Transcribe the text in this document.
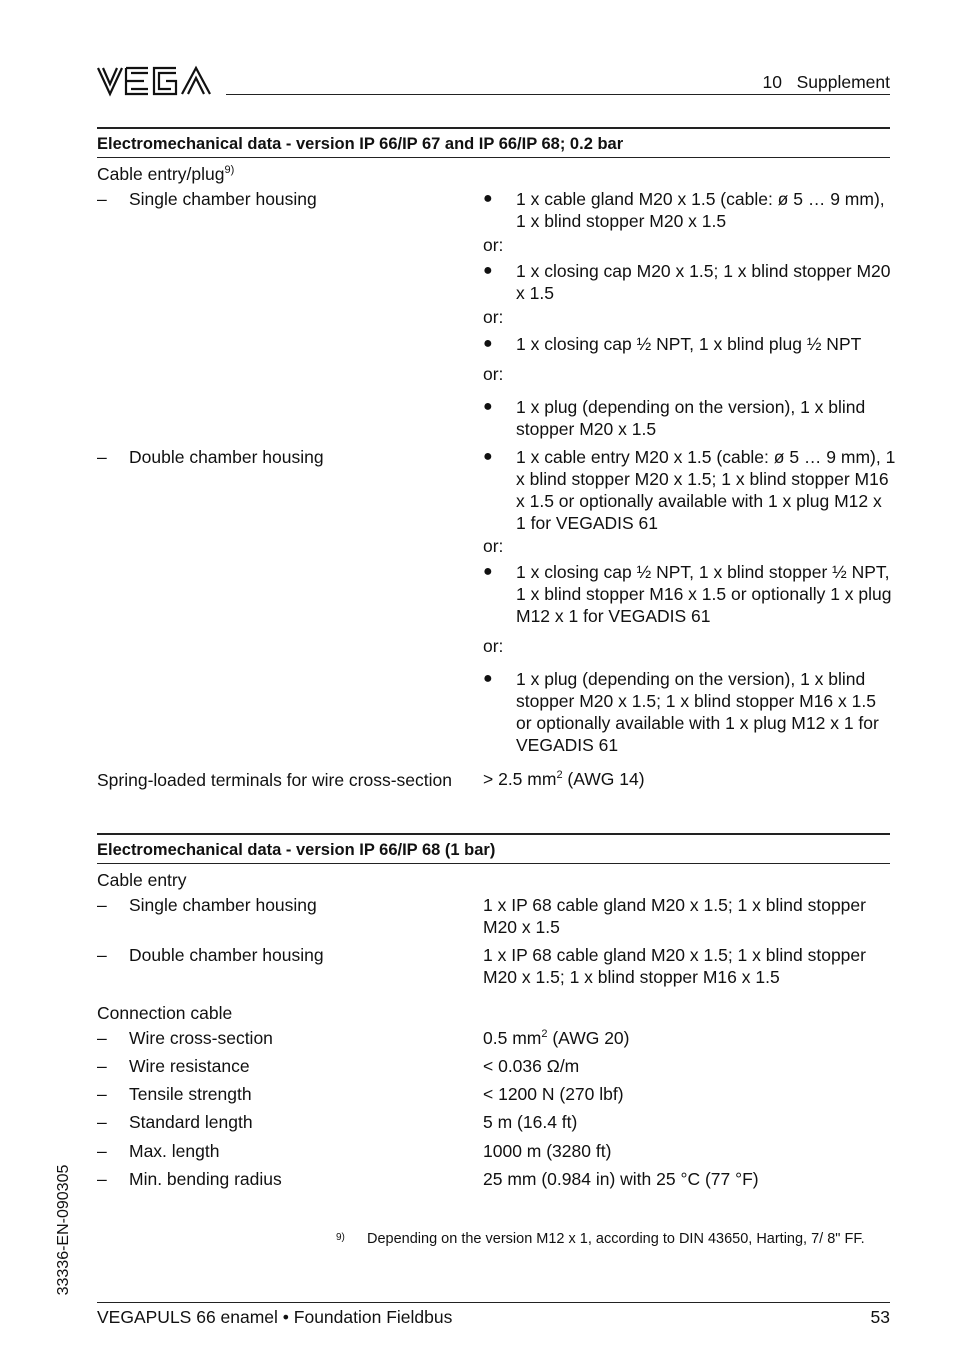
10   Supplement
Electromechanical data - version IP 66/IP 67 and IP 66/IP 68; 0.2 bar
Cable entry/plug$^{9)}$
– Single chamber housing	● 1 x cable gland M20 x 1.5 (cable: ø 5 … 9 mm), 1 x blind stopper M20 x 1.5
or:
● 1 x closing cap M20 x 1.5; 1 x blind stopper M20 x 1.5
or:
● 1 x closing cap ½ NPT, 1 x blind plug ½ NPT
or:
● 1 x plug (depending on the version), 1 x blind stopper M20 x 1.5
– Double chamber housing	● 1 x cable entry M20 x 1.5 (cable: ø 5 … 9 mm), 1 x blind stopper M20 x 1.5; 1 x blind stopper M16 x 1.5 or optionally available with 1 x plug M12 x 1 for VEGADIS 61
or:
● 1 x closing cap ½ NPT, 1 x blind stopper ½ NPT, 1 x blind stopper M16 x 1.5 or optionally 1 x plug M12 x 1 for VEGADIS 61
or:
● 1 x plug (depending on the version), 1 x blind stopper M20 x 1.5; 1 x blind stopper M16 x 1.5 or optionally available with 1 x plug M12 x 1 for VEGADIS 61
Spring-loaded terminals for wire cross-section > 2.5 $mm^2$ (AWG 14)
Electromechanical data - version IP 66/IP 68 (1 bar)
Cable entry
– Single chamber housing	1 x IP 68 cable gland M20 x 1.5; 1 x blind stopper M20 x 1.5
– Double chamber housing	1 x IP 68 cable gland M20 x 1.5; 1 x blind stopper M20 x 1.5; 1 x blind stopper M16 x 1.5
Connection cable
– Wire cross-section	0.5 $mm^2$ (AWG 20)
– Wire resistance	< 0.036 Ω/m
– Tensile strength	< 1200 N (270 lbf)
– Standard length	5 m (16.4 ft)
– Max. length	1000 m (3280 ft)
– Min. bending radius	25 mm (0.984 in) with 25 °C (77 °F)
9) Depending on the version M12 x 1, according to DIN 43650, Harting, 7/ 8" FF.
33336-EN-090305
VEGAPULS 66 enamel • Foundation Fieldbus	53
